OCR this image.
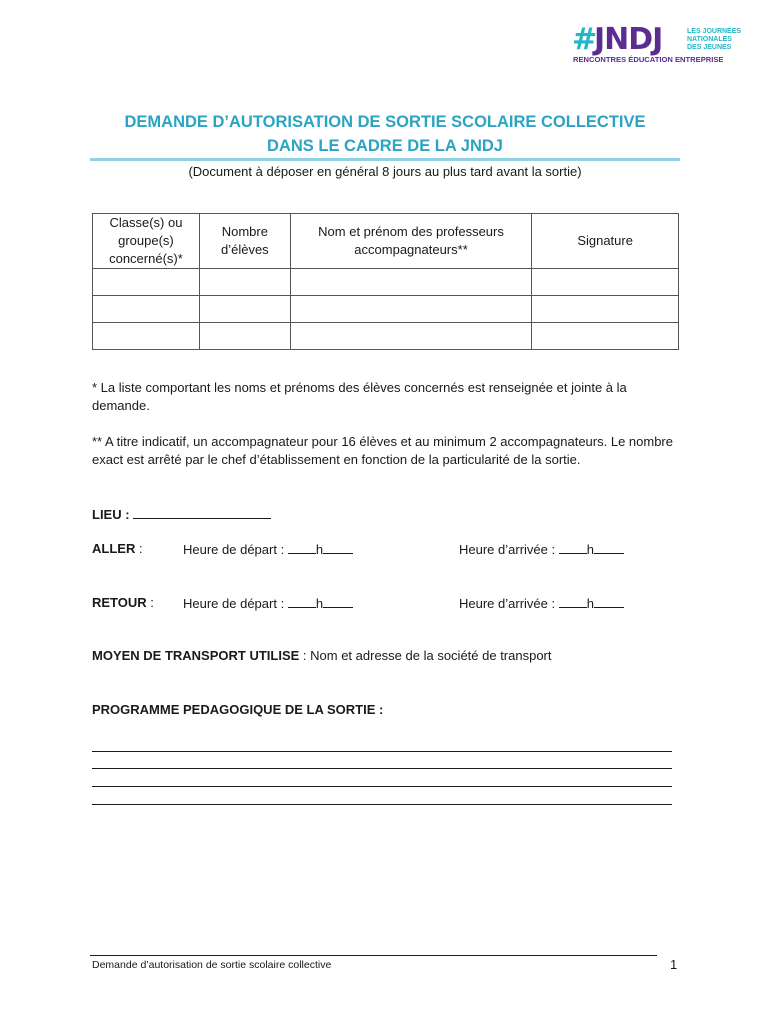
#
JNDJ	LES JOURNÉES
NATIONALES
DES JEUNES
RENCONTRES ÉDUCATION ENTREPRISE
DEMANDE D’AUTORISATION DE SORTIE SCOLAIRE COLLECTIVE
DANS LE CADRE DE LA JNDJ
(Document à déposer en général 8 jours au plus tard avant la sortie)
Classe(s) ou groupe(s) concerné(s)*	Nombre d’élèves	Nom et prénom des professeurs accompagnateurs**	Signature

* La liste comportant les noms et prénoms des élèves concernés est renseignée et jointe à la demande.
** A titre indicatif, un accompagnateur pour 16 élèves et au minimum 2 accompagnateurs. Le nombre exact est arrêté par le chef d’établissement en fonction de la particularité de la sortie.
LIEU :
ALLER :	Heure de départ : h	Heure d’arrivée : h
RETOUR : Heure de départ : h	Heure d’arrivée : h
MOYEN DE TRANSPORT UTILISE : Nom et adresse de la société de transport
PROGRAMME PEDAGOGIQUE DE LA SORTIE :
Demande d’autorisation de sortie scolaire collective	1
